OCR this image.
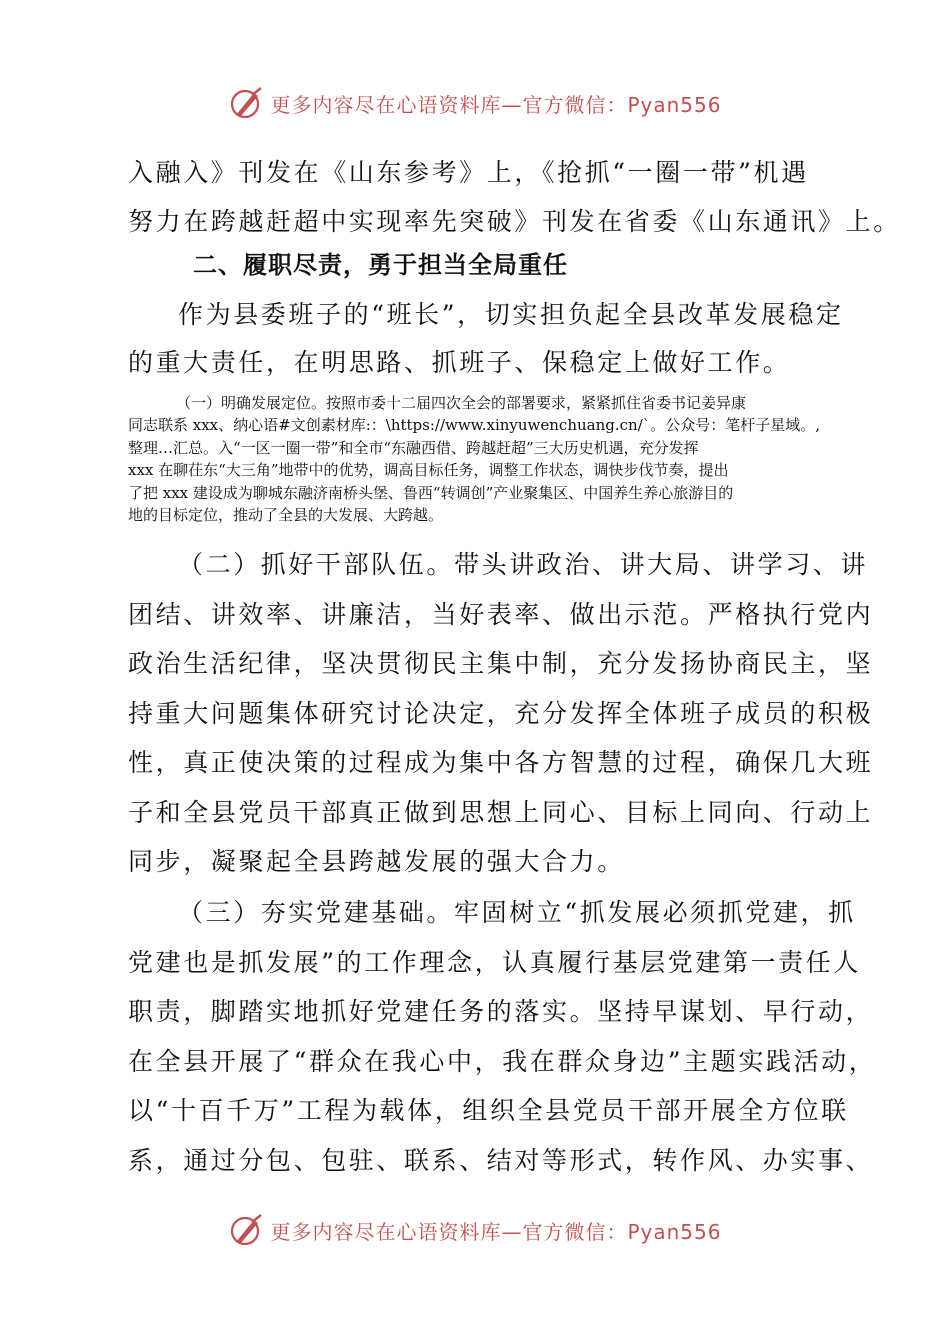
更多内容尽在心语资料库—官方微信：Pyan556
入融入》刊发在《山东参考》上，《抢抓“一圈一带”机遇
努力在跨越赶超中实现率先突破》刊发在省委《山东通讯》上。
二、履职尽责，勇于担当全局重任
作为县委班子的“班长”，切实担负起全县改革发展稳定
的重大责任，在明思路、抓班子、保稳定上做好工作。
（一）明确发展定位。按照市委十二届四次全会的部署要求，紧紧抓住省委书记姜异康
同志联系 xxx、纳心语#文创素材库:：\https://www.xinyuwenchuang.cn/`。公众号：笔杆子星域。,
整理…汇总。入“一区一圈一带”和全市“东融西借、跨越赶超”三大历史机遇，充分发挥
xxx 在聊茌东“大三角”地带中的优势，调高目标任务，调整工作状态，调快步伐节奏，提出
了把 xxx 建设成为聊城东融济南桥头堡、鲁西“转调创”产业聚集区、中国养生养心旅游目的
地的目标定位，推动了全县的大发展、大跨越。
（二）抓好干部队伍。带头讲政治、讲大局、讲学习、讲
团结、讲效率、讲廉洁，当好表率、做出示范。严格执行党内
政治生活纪律，坚决贯彻民主集中制，充分发扬协商民主，坚
持重大问题集体研究讨论决定，充分发挥全体班子成员的积极
性，真正使决策的过程成为集中各方智慧的过程，确保几大班
子和全县党员干部真正做到思想上同心、目标上同向、行动上
同步，凝聚起全县跨越发展的强大合力。
（三）夯实党建基础。牢固树立“抓发展必须抓党建，抓
党建也是抓发展”的工作理念，认真履行基层党建第一责任人
职责，脚踏实地抓好党建任务的落实。坚持早谋划、早行动，
在全县开展了“群众在我心中，我在群众身边”主题实践活动，
以“十百千万”工程为载体，组织全县党员干部开展全方位联
系，通过分包、包驻、联系、结对等形式，转作风、办实事、
更多内容尽在心语资料库—官方微信：Pyan556
